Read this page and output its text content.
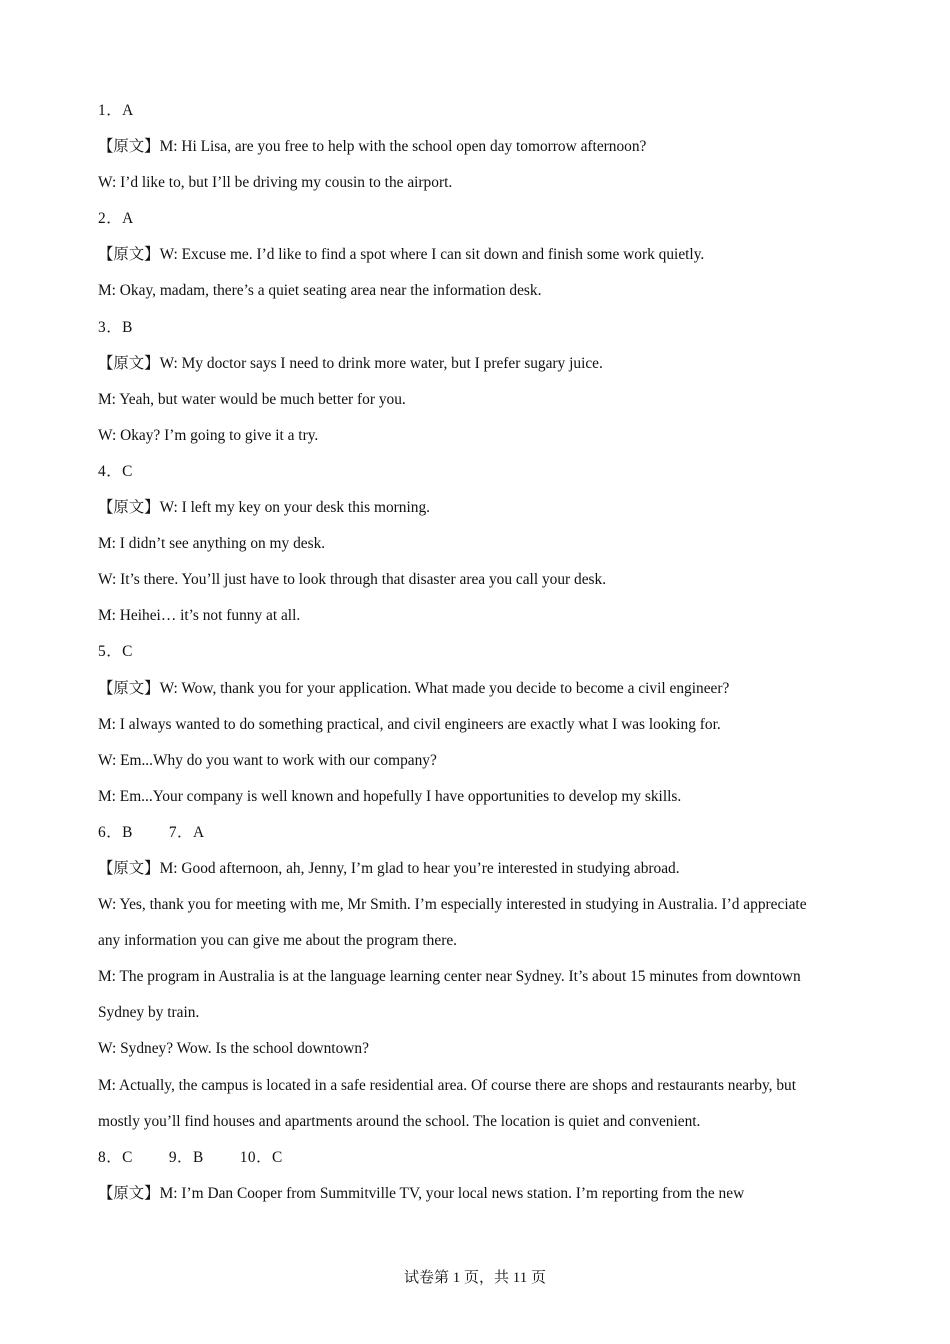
1．A
【原文】M: Hi Lisa, are you free to help with the school open day tomorrow afternoon?
W: I’d like to, but I’ll be driving my cousin to the airport.
2．A
【原文】W: Excuse me. I’d like to find a spot where I can sit down and finish some work quietly.
M: Okay, madam, there’s a quiet seating area near the information desk.
3．B
【原文】W: My doctor says I need to drink more water, but I prefer sugary juice.
M: Yeah, but water would be much better for you.
W: Okay? I’m going to give it a try.
4．C
【原文】W: I left my key on your desk this morning.
M: I didn’t see anything on my desk.
W: It’s there. You’ll just have to look through that disaster area you call your desk.
M: Heihei… it’s not funny at all.
5．C
【原文】W: Wow, thank you for your application. What made you decide to become a civil engineer?
M: I always wanted to do something practical, and civil engineers are exactly what I was looking for.
W: Em...Why do you want to work with our company?
M: Em...Your company is well known and hopefully I have opportunities to develop my skills.
6．B 7．A
【原文】M: Good afternoon, ah, Jenny, I’m glad to hear you’re interested in studying abroad.
W: Yes, thank you for meeting with me, Mr Smith. I’m especially interested in studying in Australia. I’d appreciate
any information you can give me about the program there.
M: The program in Australia is at the language learning center near Sydney. It’s about 15 minutes from downtown
Sydney by train.
W: Sydney? Wow. Is the school downtown?
M: Actually, the campus is located in a safe residential area. Of course there are shops and restaurants nearby, but
mostly you’ll find houses and apartments around the school. The location is quiet and convenient.
8．C 9．B 10．C
【原文】M: I’m Dan Cooper from Summitville TV, your local news station. I’m reporting from the new
试卷第 1 页，共 11 页
